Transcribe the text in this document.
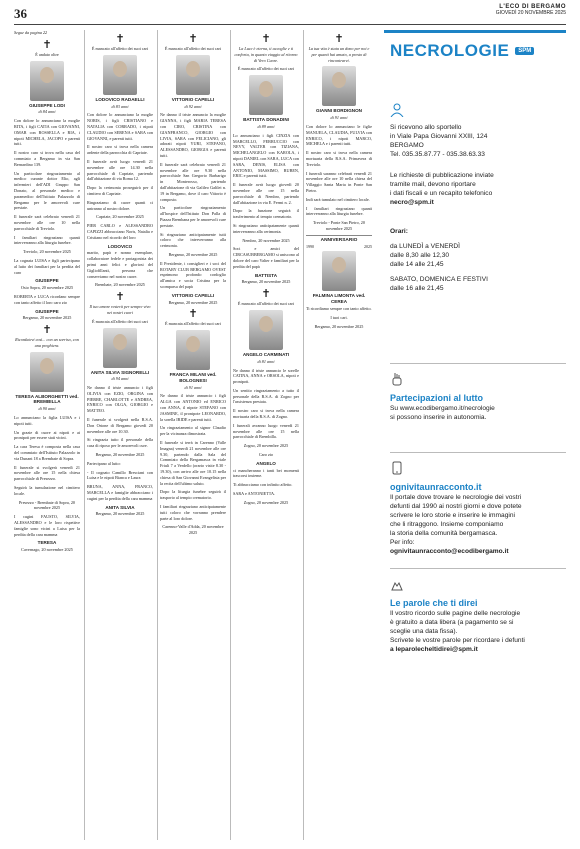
36	L'ECO DI BERGAMO
GIOVEDÌ 20 NOVEMBRE 2025

Segue da pagina 22

✝

È andato oltre

GIUSEPPE LODI

di 84 anni

Con dolore lo annunciano la moglie RITA, i figli CATIA con GIOVANNI, OMAR con ROSSELLA e RIA, i nipoti MICHELA, JACOPO e parenti tutti.

Il nostro caro si trova nella casa del commiato a Bergamo in via San Bernardino 139.

Un particolare ringraziamento al medico curante dottor Elio, agli infermieri dell'ADI Gruppo San Donato, al personale medico e paramedico dell'Istituto Palazzolo di Bergamo per le amorevoli cure prestate.

Il funerale sarà celebrato venerdì 21 novembre alle ore 10 nella parrocchiale di Treviolo.

I familiari ringraziano quanti interverranno alla liturgia funebre.

Treviolo, 20 novembre 2025

La cognata LUISA e figli partecipano al lutto dei familiari per la perdita del caro

GIUSEPPE

Osio Sopra, 20 novembre 2025

ROBERTA e LUCA ricordano sempre con tanto affetto il loro caro zio

GIUSEPPE

Bergamo, 20 novembre 2025

✝

Ricordatevi così... con un sorriso, con una preghiera.

TERESA ALBORGHETTI ved. BREMBILLA

di 90 anni

Lo annunciano la figlia LUISA e i nipoti tutti.

Un grazie di cuore ai nipoti e ai pronipoti per essere stati vicini.

La cara Teresa è composta nella casa del commiato dell'Istituto Palazzolo in via Dunant 18 a Brembate di Sopra.

Il funerale si svolgerà venerdì 21 novembre alle ore 15 nella chiesa parrocchiale di Presezzo.

Seguirà la tumulazione nel cimitero locale.

Presezzo - Brembate di Sopra, 20 novembre 2025

I cugini FAUSTO, SILVIA, ALESSANDRO e le loro rispettive famiglie sono vicini a Luisa per la perdita della cara mamma

TERESA

Cavernago, 20 novembre 2025

✝

È mancato all'affetto dei suoi cari

LODOVICO RADAELLI

di 83 anni

Con dolore lo annunciano la moglie NORIS, i figli CRISTIANO e NATALIA con CORRADO, i nipoti CLAUDIO con SERENA e SARA con GIOVANNI, e parenti tutti.

Il nostro caro si trova nella camera ardente della parrocchia di Capriate.

Il funerale avrà luogo venerdì 21 novembre alle ore 14.30 nella parrocchiale di Capriate, partendo dall'abitazione di via Roma 12.

Dopo la cerimonia proseguirà per il cimitero di Capriate.

Ringraziamo di cuore quanti ci uniranno al nostro dolore.

Capriate, 20 novembre 2025

PIER CARLO e ALESSANDRO CAPIZZI abbracciano Noris, Natalia e Cristiano nel ricordo del loro

LODOVICO

marito, papà e nonno esemplare, collaboratore fedele e protagonista dei primi anni felici e gloriosi del Gigliofillanti, persona che conserviamo nel nostro cuore.

Brembate, 20 novembre 2025

✝

Il tuo amore resterà per sempre vivo nei nostri cuori

È mancata all'affetto dei suoi cari

ANITA SILVIA SIGNORELLI

di 94 anni

Ne danno il triste annuncio i figli OLIVIA con EZIO, ORGINA con PIERRE, CHARLOTTE e ANDREA, ENRICO con OLGA, GIORGIO e MATTEO.

Il funerale si svolgerà nella R.S.A. Don Orione di Bergamo giovedì 20 novembre alle ore 10.30.

Si ringrazia tutto il personale della casa di riposo per le amorevoli cure.

Bergamo, 20 novembre 2025

Partecipano al lutto:

- Il cognato Camillo Bresciani con Luisa e le nipoti Bianca e Laura

BRUNA, ANNA, FRANCO, MARCELLA e famiglie abbracciano i cugini per la perdita della cara mamma

ANITA SILVIA

Bergamo, 20 novembre 2025

✝

È mancato all'affetto dei suoi cari

VITTORIO CAPELLI

di 92 anni

Ne danno il triste annuncio la moglie GIANNA, i figli MARIA TERESA con CIRO, CRISTINA con GIANFRANCO, GIORGIO con LIVIA, SARA con FELICIANO, gli adorati nipoti YURI, STEFANO, ALESSANDRO, GIORGIA e parenti tutti.

Il funerale sarà celebrato venerdì 21 novembre alle ore 9.30 nella parrocchiale San Gregorio Barbarigo in Monterosso, partendo dall'abitazione di via Galileo Galilei n. 19 in Bergamo, dove il caro Vittorio è composto.

Un particolare ringraziamento all'hospice dell'Istituto Don Palla di Piazza Brembana per le amorevoli cure prestate.

Si ringraziano anticipatamente tutti coloro che interverranno alla cerimonia.

Bergamo, 20 novembre 2025

Il Presidente, i consiglieri e i soci del ROTARY CLUB BERGAMO OVEST esprimono profondo cordoglio all'amica e socia Cristina per la scomparsa del papà

VITTORIO CAPELLI

Bergamo, 20 novembre 2025

✝

È mancata all'affetto dei suoi cari

FRANCA MILANI ved. BOLOGNESI

di 91 anni

Ne danno il triste annuncio i figli ALGA con ANTONIO ed ENRICO con ANNA, il nipote STEFANO con JASMINE, il pronipote LEONARDO, la sorella IRIDE e parenti tutti.

Un ringraziamento al signor Claudio per la vicinanza dimostrata.

Il funerale si terrà in Carenno (Valle Imagna) venerdì 21 novembre alle ore 9.30, partendo dalla Sala del Commiato della Bergamasca in viale Friuli 7 a Verdello (orario visite 8.30 - 19.30), con arrivo alle ore 10.15 nella chiesa di San Giovanni Evangelista per la recita dell'ultimo saluto.

Dopo la liturgia funebre seguirà il trasporto al tempio crematorio.

I familiari ringraziano anticipatamente tutti coloro che vorranno prendere parte al loro dolore.

Carenno-Valle d'Adda, 20 novembre 2025

✝

La Luce è eterna, ti accoglie e ti conforta, in quanto viaggio al ritorno di Vero Cuore.

È mancato all'affetto dei suoi cari

BATTISTA DONADINI

di 89 anni

Lo annunciano i figli CINZIA con MARCELLO, FERRUCCIO con NEVY, VALTER con TIZIANA, MICHELANGELO con KAROLA, i nipoti DANIEL con SARA, LUCA con SARA, DENIS, ELISA con ANTONIO, MASSIMO, RUBEN, ERIC e parenti tutti.

Il funerale avrà luogo giovedì 20 novembre alle ore 15 nella parrocchiale di Nembro, partendo dall'abitazione in via E. Fermi n. 2.

Dopo la funzione seguirà il trasferimento al tempio crematorio.

Si ringraziano anticipatamente quanti interverranno alla cerimonia.

Nembro, 20 novembre 2025

Soci e amici del CIRCASUBBERGAMO si uniscono al dolore del caro Valter e familiari per la perdita del papà

BATTISTA

Bergamo, 20 novembre 2025

✝

È mancato all'affetto dei suoi cari

ANGELO CARMINATI

di 81 anni

Ne danno il triste annuncio le sorelle CATINA, ANNA e ORSOLA, nipoti e pronipoti.

Un sentito ringraziamento a tutto il personale della R.S.A. di Zogno per l'assistenza prestata.

Il nostro caro si trova nella camera mortuaria della R.S.A. di Zogno.

I funerali avranno luogo venerdì 21 novembre alle ore 15 nella parrocchiale di Brembilla.

Zogno, 20 novembre 2025

Caro zio

ANGELO

ci mancheranno i tanti bei momenti trascorsi insieme.

Ti abbracciamo con infinito affetto.

SARA e ANTONIETTA.

Zogno, 20 novembre 2025

✝

La tua vita è stata un dono per noi e per quanti hai amato, a presto di rincontrarvi.

GIANNI BORDIGNON

di 91 anni

Con dolore lo annunciano le figlie MANUELA, CLAUDIA, FULVIA con ENRICO, i nipoti MARCO, MICHELA e i parenti tutti.

Il nostro caro si trova nella camera mortuaria della R.S.A. Primavera di Treviolo.

I funerali saranno celebrati venerdì 21 novembre alle ore 10 nella chiesa del Villaggio Santa Maria in Ponte San Pietro.

Indi sarà tumulato nel cimitero locale.

I familiari ringraziano quanti interverranno alla liturgia funebre.

Treviolo - Ponte San Pietro, 20 novembre 2025

ANNIVERSARIO
1990	2025
PALMINA LIMONTA ved. CEREA

Ti ricordiamo sempre con tanto affetto.

I tuoi cari.

Bergamo, 20 novembre 2025

NECROLOGIE	SPM
Si ricevono allo sportello
in Viale Papa Giovanni XXIII, 124
BERGAMO
Tel. 035.35.87.77 - 035.38.63.33
Le richieste di pubblicazione inviate
tramite mail, devono riportare
i dati fiscali e un recapito telefonico
necro@spm.it
Orari:
da LUNEDÌ a VENERDÌ
dalle 8,30 alle 12,30
dalle 14 alle 21,45
SABATO, DOMENICA E FESTIVI
dalle 16 alle 21,45
Partecipazioni al lutto
Su www.ecodibergamo.it/necrologie
si possono inserire in autonomia.
ognivitaunracconto.it
Il portale dove trovare le necrologie dei vostri
defunti dal 1990 ai nostri giorni e dove potete
scrivere le loro storie e inserire le immagini
che li ritraggono. Insieme componiamo
la storia della comunità bergamasca.
Per info:
ognivitaunracconto@ecodibergamo.it
Le parole che ti direi
Il vostro ricordo sulle pagine delle necrologie
è gratuito a data libera (a pagamento se si
sceglie una data fissa).
Scrivete le vostre parole per ricordare i defunti
a leparolecheltidirei@spm.it
